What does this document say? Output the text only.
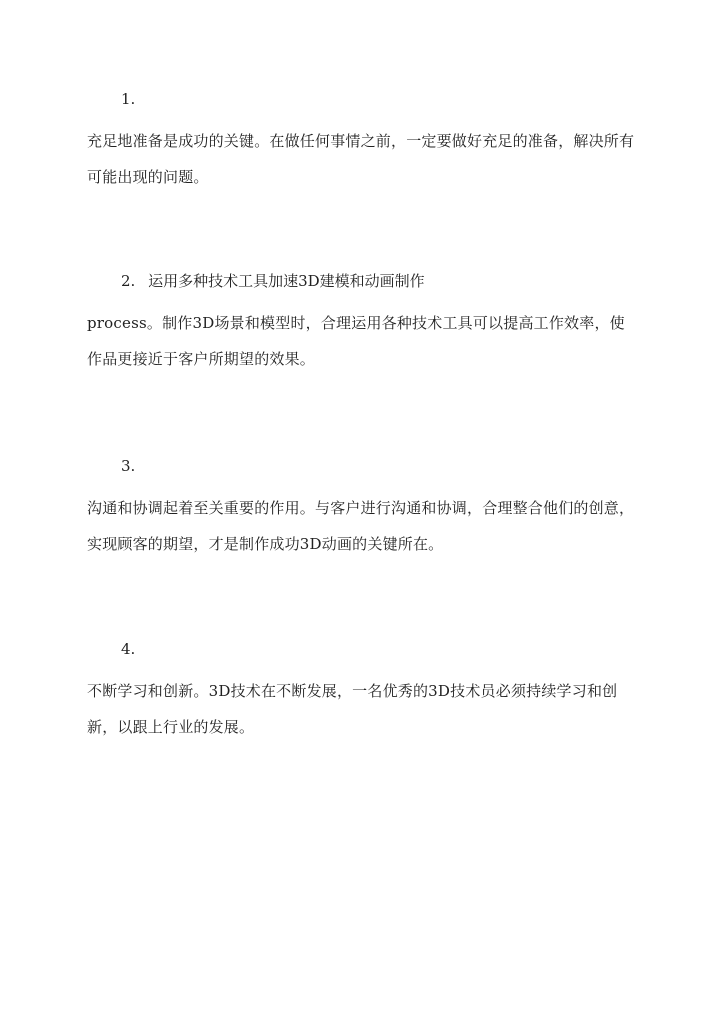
1.
充足地准备是成功的关键。在做任何事情之前，一定要做好充足的准备，解决所有可能出现的问题。
2. 运用多种技术工具加速3D建模和动画制作
process。制作3D场景和模型时，合理运用各种技术工具可以提高工作效率，使作品更接近于客户所期望的效果。
3.
沟通和协调起着至关重要的作用。与客户进行沟通和协调，合理整合他们的创意，实现顾客的期望，才是制作成功3D动画的关键所在。
4.
不断学习和创新。3D技术在不断发展，一名优秀的3D技术员必须持续学习和创新，以跟上行业的发展。
